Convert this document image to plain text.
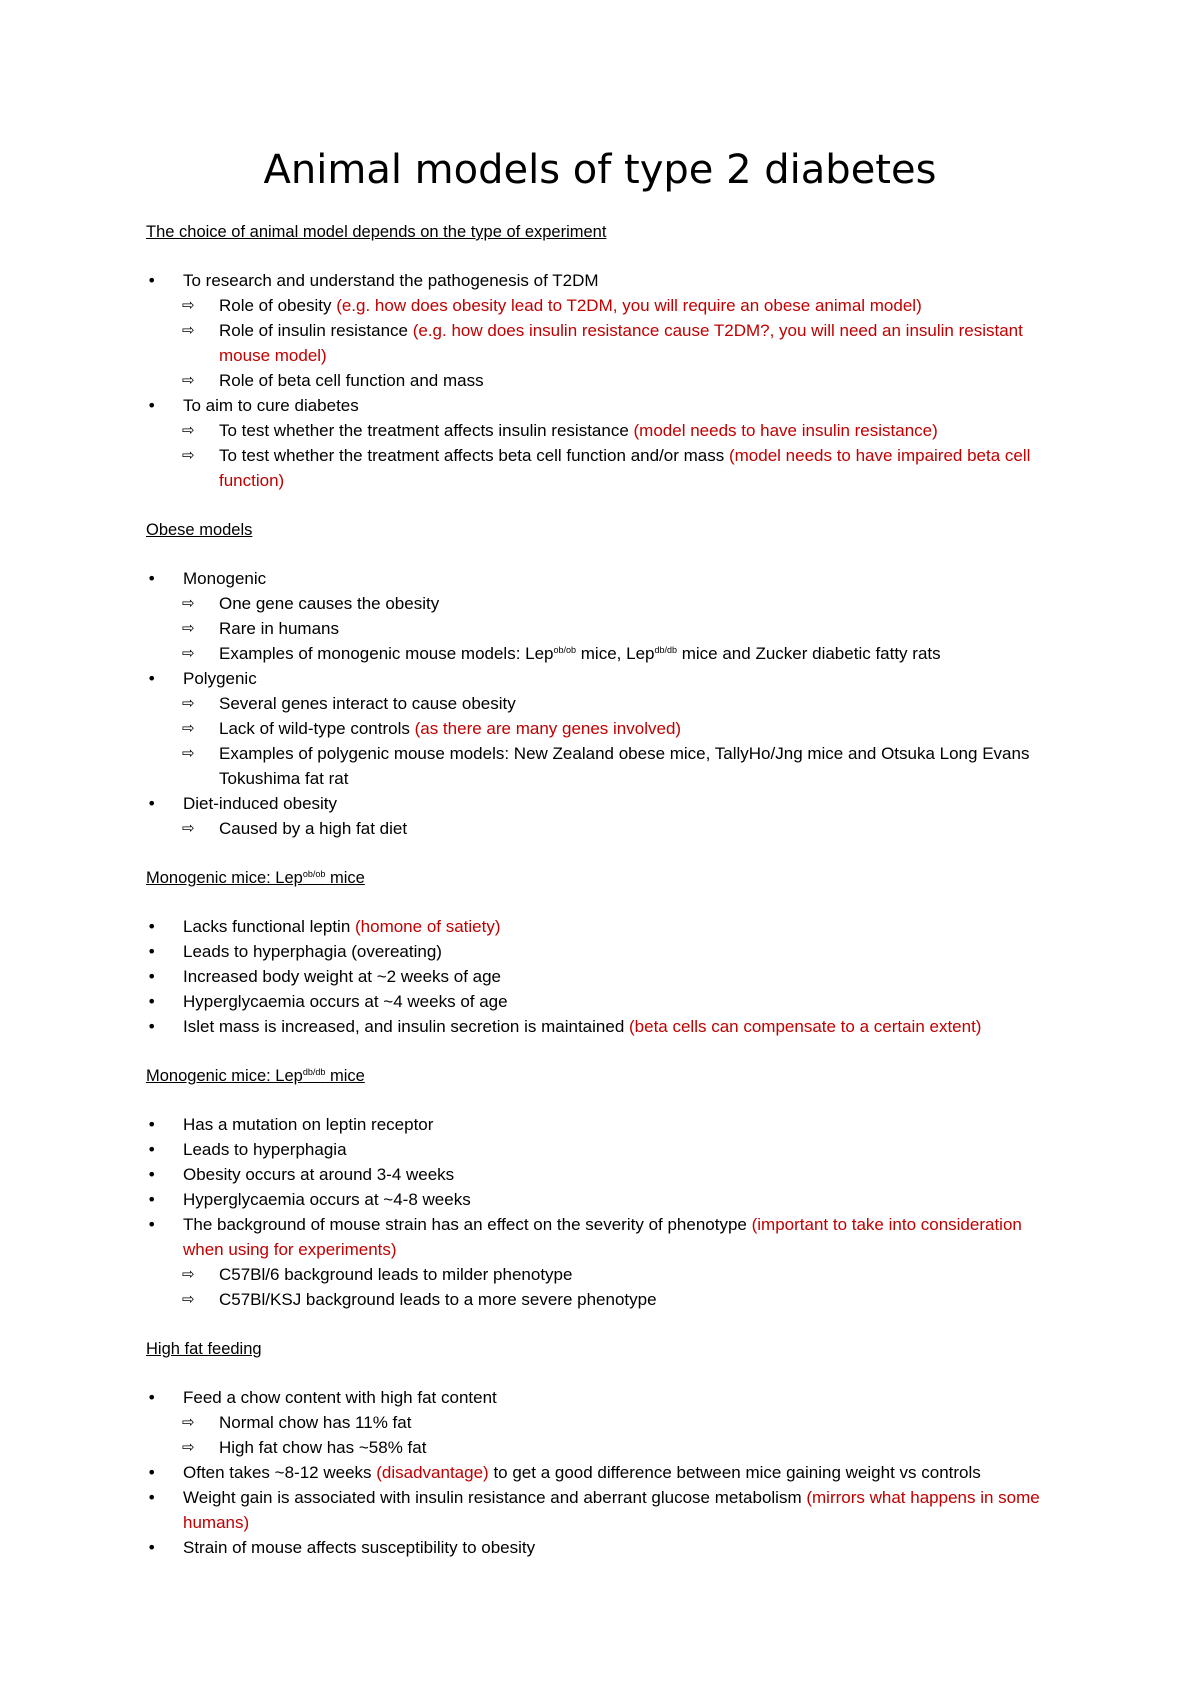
Animal models of type 2 diabetes
The choice of animal model depends on the type of experiment
• To research and understand the pathogenesis of T2DM
⇨ Role of obesity (e.g. how does obesity lead to T2DM, you will require an obese animal model)
⇨ Role of insulin resistance (e.g. how does insulin resistance cause T2DM?, you will need an insulin resistant mouse model)
⇨ Role of beta cell function and mass
• To aim to cure diabetes
⇨ To test whether the treatment affects insulin resistance (model needs to have insulin resistance)
⇨ To test whether the treatment affects beta cell function and/or mass (model needs to have impaired beta cell function)
Obese models
• Monogenic
⇨ One gene causes the obesity
⇨ Rare in humans
⇨ Examples of monogenic mouse models: Lep$^{ob/ob}$ mice, Lep$^{db/db}$ mice and Zucker diabetic fatty rats
• Polygenic
⇨ Several genes interact to cause obesity
⇨ Lack of wild-type controls (as there are many genes involved)
⇨ Examples of polygenic mouse models: New Zealand obese mice, TallyHo/Jng mice and Otsuka Long Evans Tokushima fat rat
• Diet-induced obesity
⇨ Caused by a high fat diet
Monogenic mice: Lep$^{ob/ob}$ mice
• Lacks functional leptin (homone of satiety)
• Leads to hyperphagia (overeating)
• Increased body weight at ~2 weeks of age
• Hyperglycaemia occurs at ~4 weeks of age
• Islet mass is increased, and insulin secretion is maintained (beta cells can compensate to a certain extent)
Monogenic mice: Lep$^{db/db}$ mice
• Has a mutation on leptin receptor
• Leads to hyperphagia
• Obesity occurs at around 3-4 weeks
• Hyperglycaemia occurs at ~4-8 weeks
• The background of mouse strain has an effect on the severity of phenotype (important to take into consideration when using for experiments)
⇨ C57Bl/6 background leads to milder phenotype
⇨ C57Bl/KSJ background leads to a more severe phenotype
High fat feeding
• Feed a chow content with high fat content
⇨ Normal chow has 11% fat
⇨ High fat chow has ~58% fat
• Often takes ~8-12 weeks (disadvantage) to get a good difference between mice gaining weight vs controls
• Weight gain is associated with insulin resistance and aberrant glucose metabolism (mirrors what happens in some humans)
• Strain of mouse affects susceptibility to obesity
